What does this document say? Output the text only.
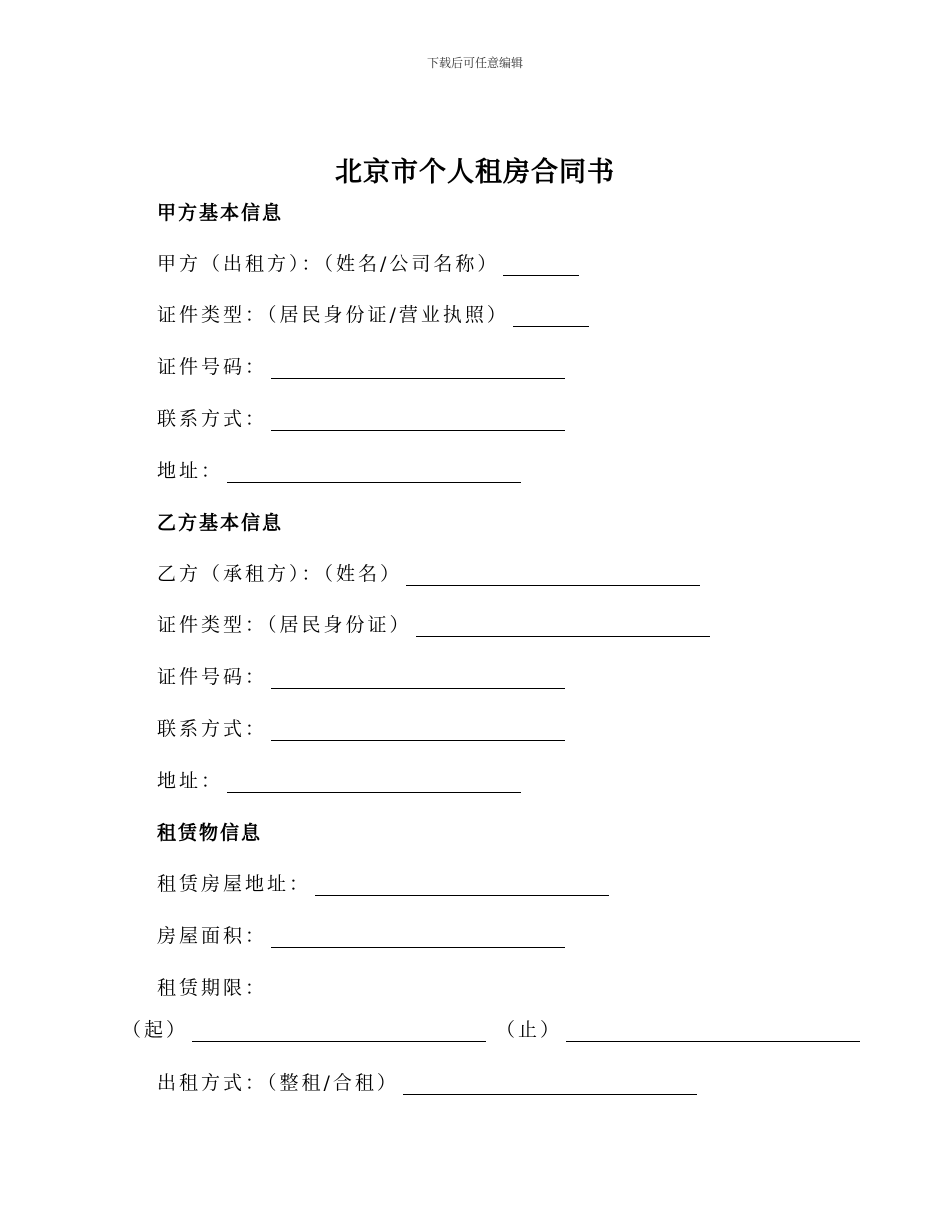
下载后可任意编辑
北京市个人租房合同书
甲方基本信息
甲方（出租方）：（姓名/公司名称）
证件类型：（居民身份证/营业执照）
证件号码：
联系方式：
地址：
乙方基本信息
乙方（承租方）：（姓名）
证件类型：（居民身份证）
证件号码：
联系方式：
地址：
租赁物信息
租赁房屋地址：
房屋面积：
租赁期限：
（起）	（止）
出租方式：（整租/合租）
